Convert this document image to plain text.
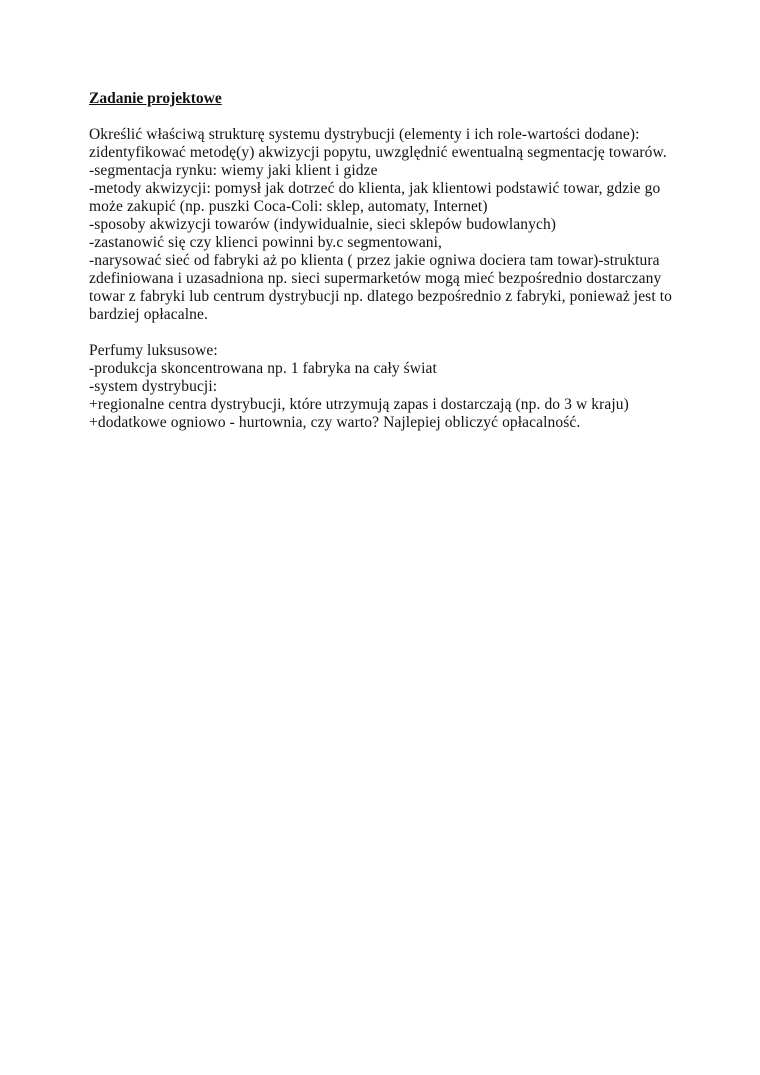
Zadanie projektowe
Określić właściwą strukturę systemu dystrybucji (elementy i ich role-wartości dodane):
zidentyfikować metodę(y) akwizycji popytu, uwzględnić ewentualną segmentację towarów.
-segmentacja rynku: wiemy jaki klient i gidze
-metody akwizycji: pomysł jak dotrzeć do klienta, jak klientowi podstawić towar, gdzie go
może zakupić (np. puszki Coca-Coli: sklep, automaty, Internet)
-sposoby akwizycji towarów (indywidualnie, sieci sklepów budowlanych)
-zastanowić się czy klienci powinni by.c segmentowani,
-narysować sieć od fabryki aż po klienta ( przez jakie ogniwa dociera tam towar)-struktura
zdefiniowana i uzasadniona np. sieci supermarketów mogą mieć bezpośrednio dostarczany
towar z fabryki lub centrum dystrybucji np. dlatego bezpośrednio z fabryki, ponieważ jest to
bardziej opłacalne.
Perfumy luksusowe:
-produkcja skoncentrowana np. 1 fabryka na cały świat
-system dystrybucji:
+regionalne centra dystrybucji, które utrzymują zapas i dostarczają (np. do 3 w kraju)
+dodatkowe ogniowo - hurtownia, czy warto? Najlepiej obliczyć opłacalność.
